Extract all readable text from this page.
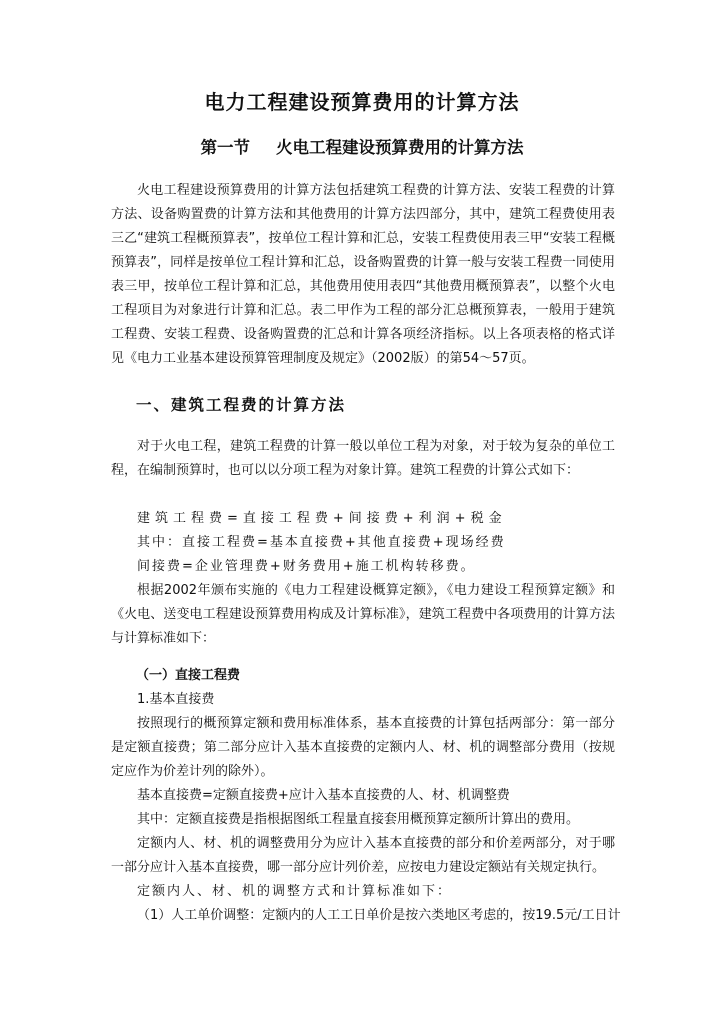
电力工程建设预算费用的计算方法
第一节 火电工程建设预算费用的计算方法

火电工程建设预算费用的计算方法包括建筑工程费的计算方法、安装工程费的计算方法、设备购置费的计算方法和其他费用的计算方法四部分，其中，建筑工程费使用表三乙“建筑工程概预算表”，按单位工程计算和汇总，安装工程费使用表三甲“安装工程概预算表”，同样是按单位工程计算和汇总，设备购置费的计算一般与安装工程费一同使用表三甲，按单位工程计算和汇总，其他费用使用表四“其他费用概预算表”，以整个火电工程项目为对象进行计算和汇总。表二甲作为工程的部分汇总概预算表，一般用于建筑工程费、安装工程费、设备购置费的汇总和计算各项经济指标。以上各项表格的格式详见《电力工业基本建设预算管理制度及规定》（2002版）的第54～57页。

一、建筑工程费的计算方法

对于火电工程，建筑工程费的计算一般以单位工程为对象，对于较为复杂的单位工程，在编制预算时，也可以以分项工程为对象计算。建筑工程费的计算公式如下：

建筑工程费=直接工程费+间接费+利润+税金
其中：直接工程费=基本直接费+其他直接费+现场经费
间接费=企业管理费+财务费用+施工机构转移费。

根据2002年颁布实施的《电力工程建设概算定额》，《电力建设工程预算定额》和《火电、送变电工程建设预算费用构成及计算标准》，建筑工程费中各项费用的计算方法与计算标准如下：

（一）直接工程费
1.基本直接费

按照现行的概预算定额和费用标准体系，基本直接费的计算包括两部分：第一部分是定额直接费；第二部分应计入基本直接费的定额内人、材、机的调整部分费用（按规定应作为价差计列的除外）。

基本直接费=定额直接费+应计入基本直接费的人、材、机调整费
其中：定额直接费是指根据图纸工程量直接套用概预算定额所计算出的费用。

定额内人、材、机的调整费用分为应计入基本直接费的部分和价差两部分，对于哪一部分应计入基本直接费，哪一部分应计列价差，应按电力建设定额站有关规定执行。

定额内人、材、机的调整方式和计算标准如下：
（1）人工单价调整：定额内的人工工日单价是按六类地区考虑的，按19.5元/工日计
